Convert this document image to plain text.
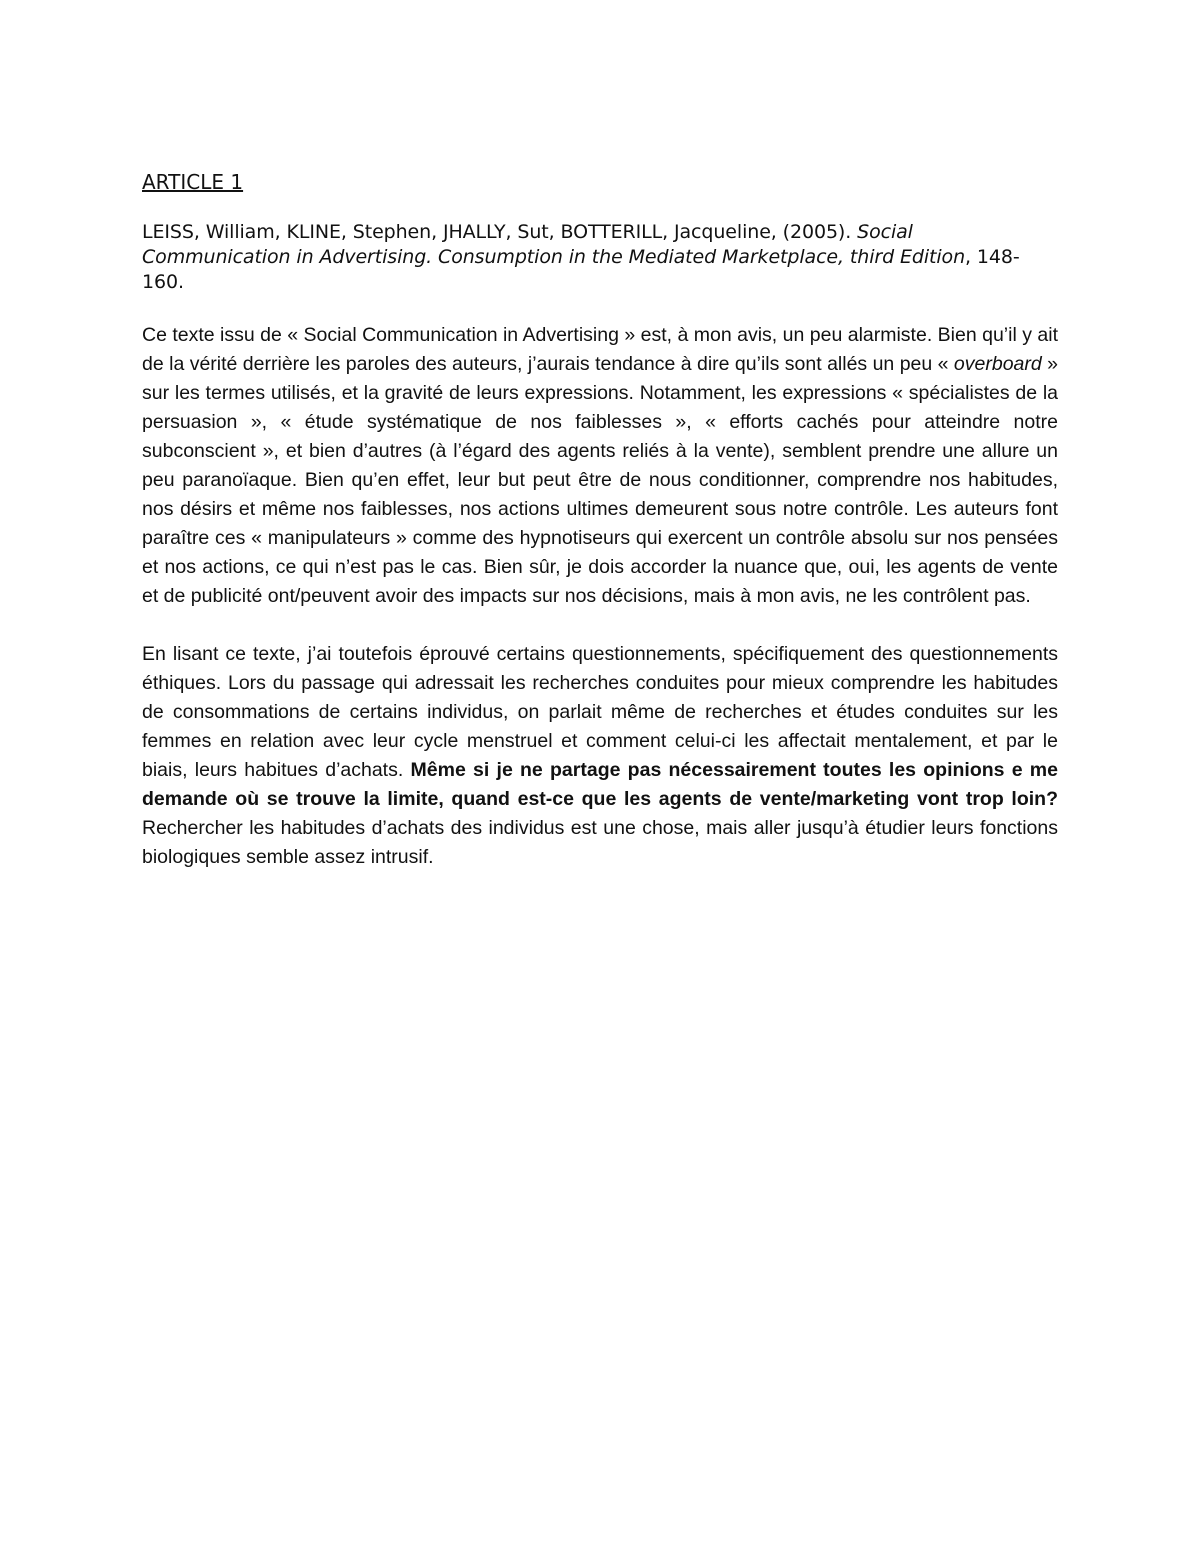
ARTICLE 1

LEISS, William, KLINE, Stephen, JHALLY, Sut, BOTTERILL, Jacqueline, (2005). Social Communication in Advertising. Consumption in the Mediated Marketplace, third Edition, 148-160.

Ce texte issu de « Social Communication in Advertising » est, à mon avis, un peu alarmiste. Bien qu’il y ait de la vérité derrière les paroles des auteurs, j’aurais tendance à dire qu’ils sont allés un peu « overboard » sur les termes utilisés, et la gravité de leurs expressions. Notamment, les expressions « spécialistes de la persuasion », « étude systématique de nos faiblesses », « efforts cachés pour atteindre notre subconscient », et bien d’autres (à l’égard des agents reliés à la vente), semblent prendre une allure un peu paranoïaque. Bien qu’en effet, leur but peut être de nous conditionner, comprendre nos habitudes, nos désirs et même nos faiblesses, nos actions ultimes demeurent sous notre contrôle. Les auteurs font paraître ces « manipulateurs » comme des hypnotiseurs qui exercent un contrôle absolu sur nos pensées et nos actions, ce qui n’est pas le cas. Bien sûr, je dois accorder la nuance que, oui, les agents de vente et de publicité ont/peuvent avoir des impacts sur nos décisions, mais à mon avis, ne les contrôlent pas.

En lisant ce texte, j’ai toutefois éprouvé certains questionnements, spécifiquement des questionnements éthiques. Lors du passage qui adressait les recherches conduites pour mieux comprendre les habitudes de consommations de certains individus, on parlait même de recherches et études conduites sur les femmes en relation avec leur cycle menstruel et comment celui-ci les affectait mentalement, et par le biais, leurs habitues d’achats. Même si je ne partage pas nécessairement toutes les opinions e me demande où se trouve la limite, quand est-ce que les agents de vente/marketing vont trop loin? Rechercher les habitudes d’achats des individus est une chose, mais aller jusqu’à étudier leurs fonctions biologiques semble assez intrusif.
